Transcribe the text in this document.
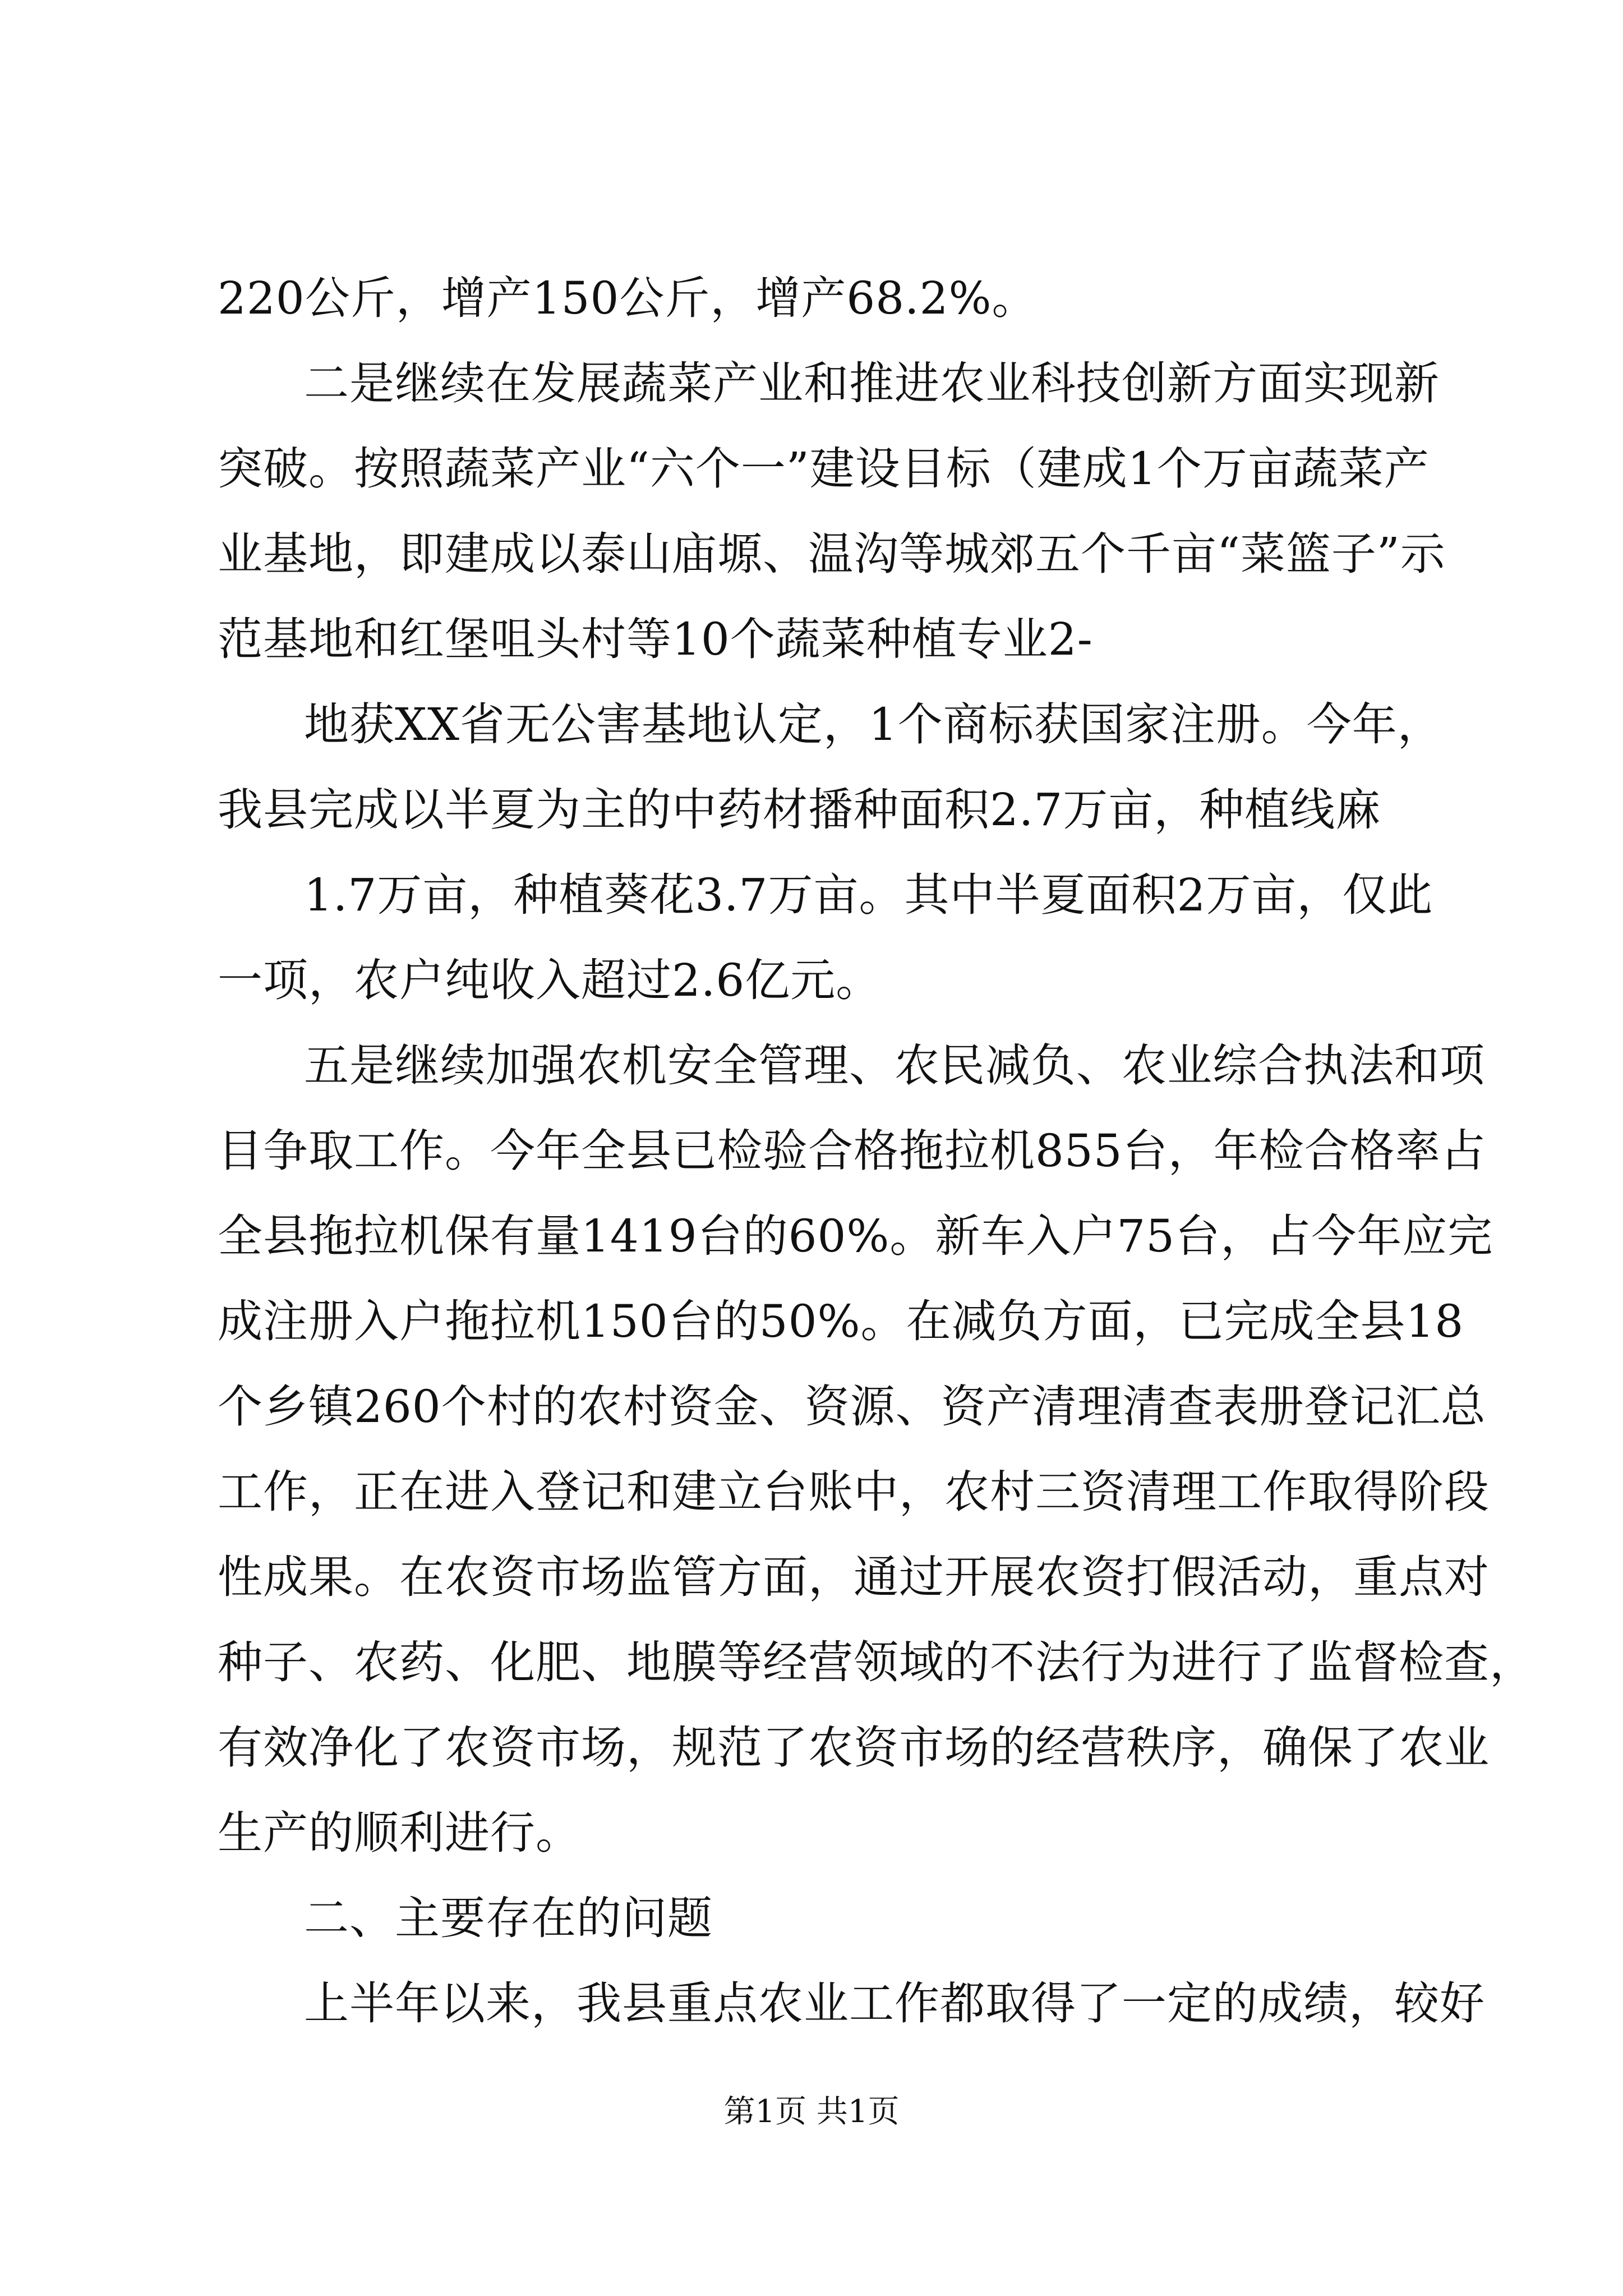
220公斤，增产150公斤，增产68.2%。
二是继续在发展蔬菜产业和推进农业科技创新方面实现新
突破。按照蔬菜产业“六个一”建设目标（建成1个万亩蔬菜产
业基地，即建成以泰山庙塬、温沟等城郊五个千亩“菜篮子”示
范基地和红堡咀头村等10个蔬菜种植专业2-
地获XX省无公害基地认定，1个商标获国家注册。今年，
我县完成以半夏为主的中药材播种面积2.7万亩，种植线麻
1.7万亩，种植葵花3.7万亩。其中半夏面积2万亩，仅此
一项，农户纯收入超过2.6亿元。
五是继续加强农机安全管理、农民减负、农业综合执法和项
目争取工作。今年全县已检验合格拖拉机855台，年检合格率占
全县拖拉机保有量1419台的60%。新车入户75台，占今年应完
成注册入户拖拉机150台的50%。在减负方面，已完成全县18
个乡镇260个村的农村资金、资源、资产清理清查表册登记汇总
工作，正在进入登记和建立台账中，农村三资清理工作取得阶段
性成果。在农资市场监管方面，通过开展农资打假活动，重点对
种子、农药、化肥、地膜等经营领域的不法行为进行了监督检查，
有效净化了农资市场，规范了农资市场的经营秩序，确保了农业
生产的顺利进行。
二、主要存在的问题
上半年以来，我县重点农业工作都取得了一定的成绩，较好
第1页 共1页
